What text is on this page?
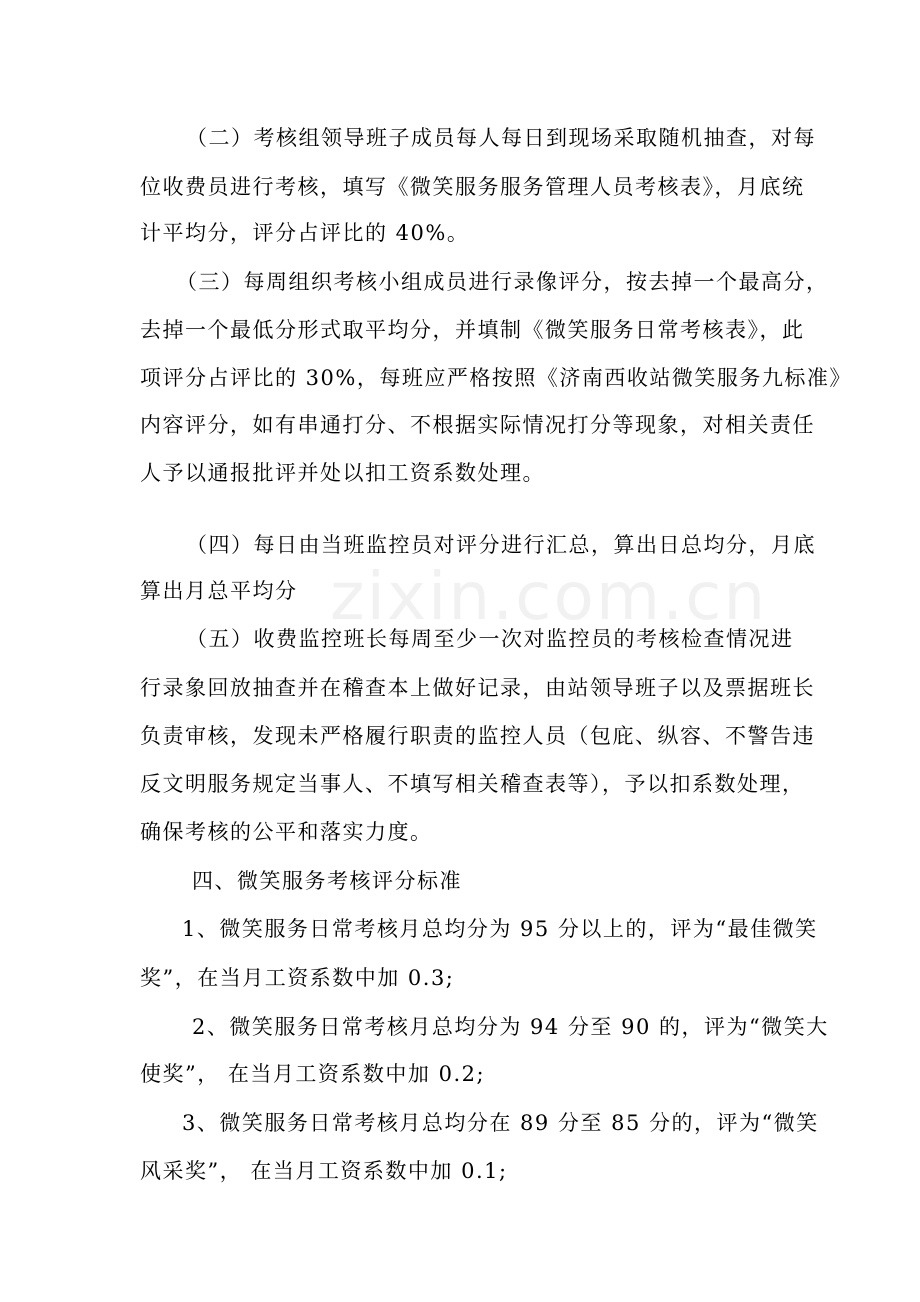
（二）考核组领导班子成员每人每日到现场采取随机抽查，对每
位收费员进行考核，填写《微笑服务服务管理人员考核表》，月底统
计平均分，评分占评比的 40%。
（三）每周组织考核小组成员进行录像评分，按去掉一个最高分，
去掉一个最低分形式取平均分，并填制《微笑服务日常考核表》，此
项评分占评比的 30%，每班应严格按照《济南西收站微笑服务九标准》
内容评分，如有串通打分、不根据实际情况打分等现象，对相关责任
人予以通报批评并处以扣工资系数处理。
（四）每日由当班监控员对评分进行汇总，算出日总均分，月底
算出月总平均分
（五）收费监控班长每周至少一次对监控员的考核检查情况进
行录象回放抽查并在稽查本上做好记录，由站领导班子以及票据班长
负责审核，发现未严格履行职责的监控人员（包庇、纵容、不警告违
反文明服务规定当事人、不填写相关稽查表等），予以扣系数处理，
确保考核的公平和落实力度。
四、微笑服务考核评分标准
1、微笑服务日常考核月总均分为 95 分以上的，评为“最佳微笑
奖”，在当月工资系数中加 0.3;
2、微笑服务日常考核月总均分为 94 分至 90 的，评为“微笑大
使奖”， 在当月工资系数中加 0.2;
3、微笑服务日常考核月总均分在 89 分至 85 分的，评为“微笑
风采奖”， 在当月工资系数中加 0.1;
zixin.com.cn
